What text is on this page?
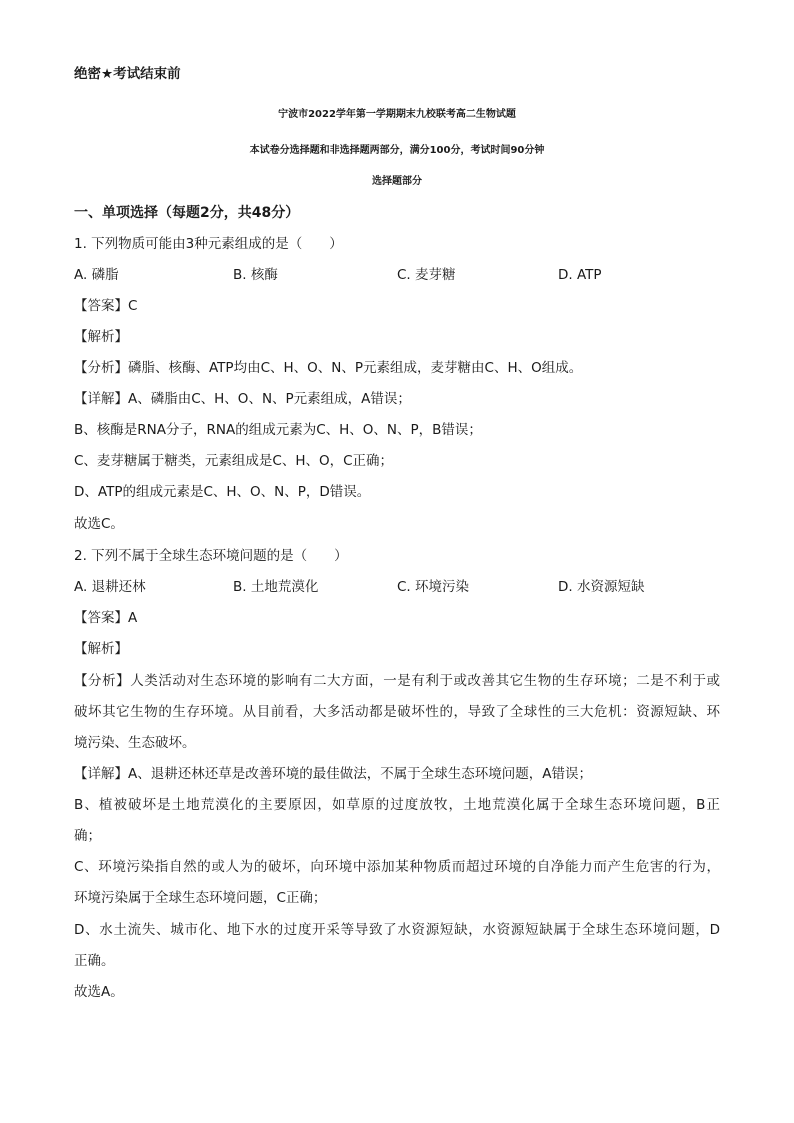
绝密★考试结束前
宁波市2022学年第一学期期末九校联考高二生物试题
本试卷分选择题和非选择题两部分，满分100分，考试时间90分钟
选择题部分
一、单项选择（每题2分，共48分）
1. 下列物质可能由3种元素组成的是（　　）
A. 磷脂	B. 核酶	C. 麦芽糖	D. ATP
【答案】C
【解析】
【分析】磷脂、核酶、ATP均由C、H、O、N、P元素组成，麦芽糖由C、H、O组成。
【详解】A、磷脂由C、H、O、N、P元素组成，A错误；
B、核酶是RNA分子，RNA的组成元素为C、H、O、N、P，B错误；
C、麦芽糖属于糖类，元素组成是C、H、O，C正确；
D、ATP的组成元素是C、H、O、N、P，D错误。
故选C。
2. 下列不属于全球生态环境问题的是（　　）
A. 退耕还林	B. 土地荒漠化	C. 环境污染	D. 水资源短缺
【答案】A
【解析】
【分析】人类活动对生态环境的影响有二大方面，一是有利于或改善其它生物的生存环境；二是不利于或
破坏其它生物的生存环境。从目前看，大多活动都是破坏性的，导致了全球性的三大危机：资源短缺、环
境污染、生态破坏。
【详解】A、退耕还林还草是改善环境的最佳做法，不属于全球生态环境问题，A错误；
B、植被破坏是土地荒漠化的主要原因，如草原的过度放牧，土地荒漠化属于全球生态环境问题，B正
确；
C、环境污染指自然的或人为的破坏，向环境中添加某种物质而超过环境的自净能力而产生危害的行为，
环境污染属于全球生态环境问题，C正确；
D、水土流失、城市化、地下水的过度开采等导致了水资源短缺，水资源短缺属于全球生态环境问题，D
正确。
故选A。
